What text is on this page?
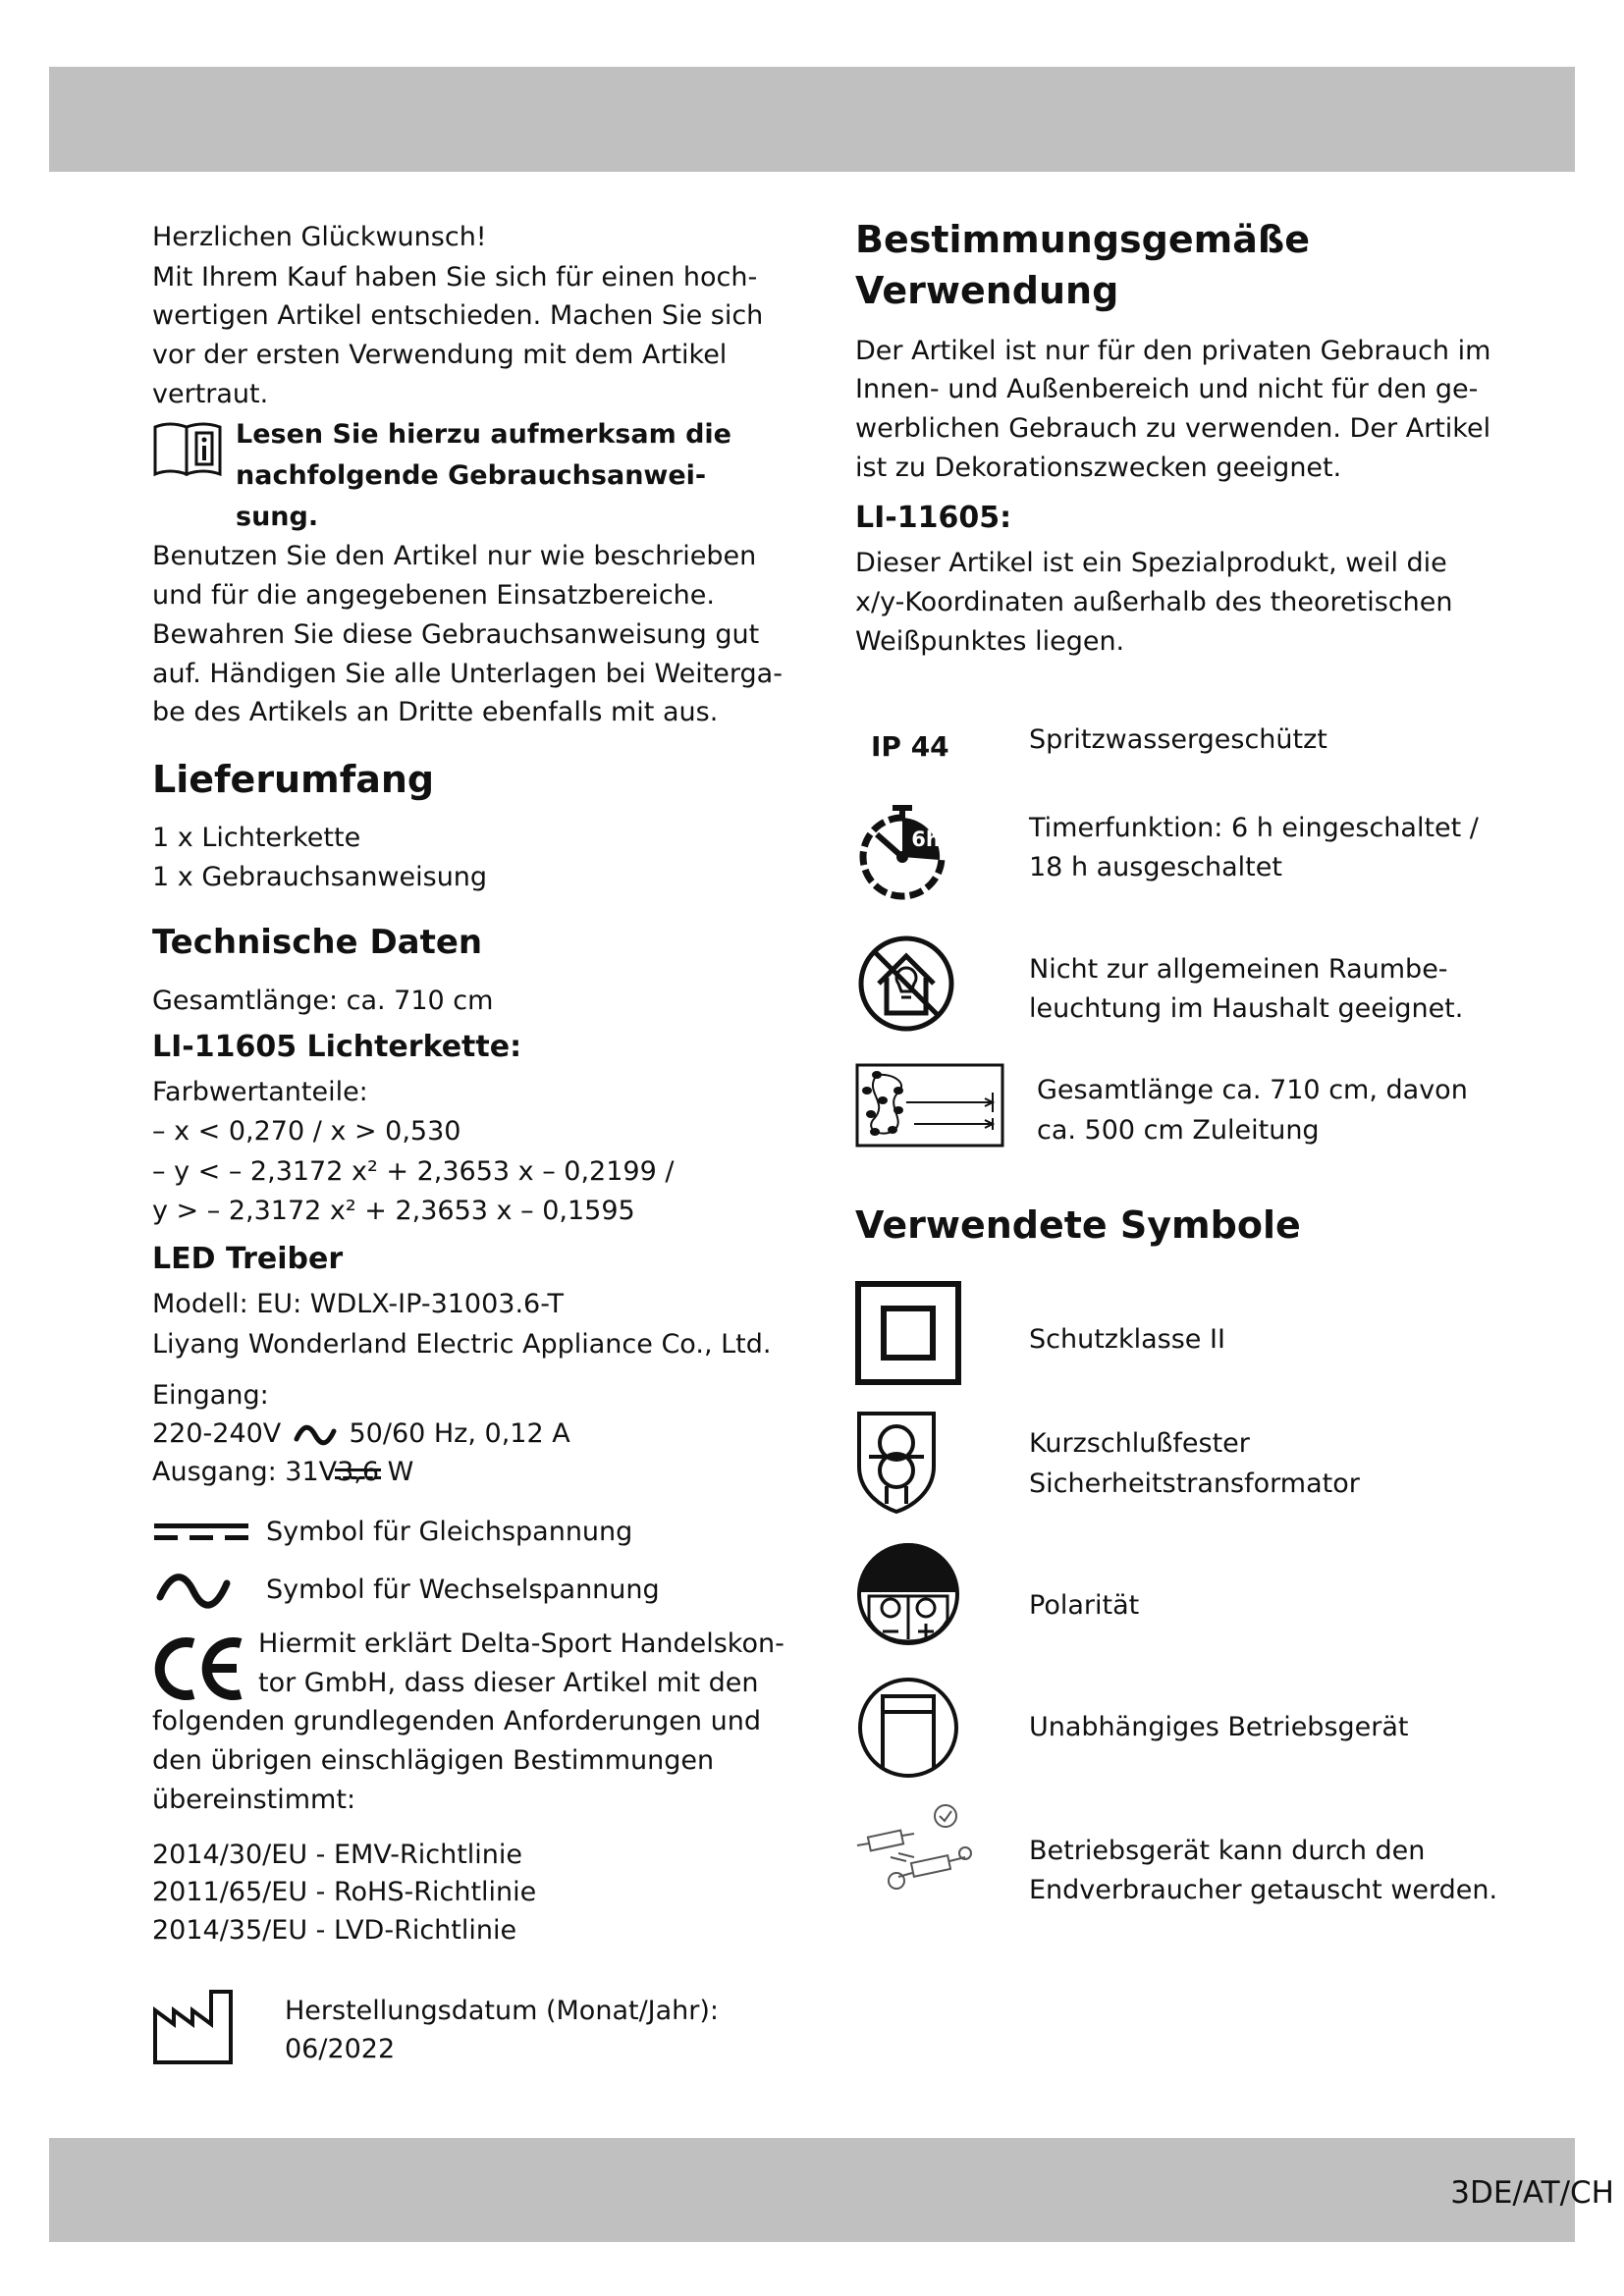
Herzlichen Glückwunsch!
Mit Ihrem Kauf haben Sie sich für einen hoch-
wertigen Artikel entschieden. Machen Sie sich
vor der ersten Verwendung mit dem Artikel
vertraut.
Lesen Sie hierzu aufmerksam die
nachfolgende Gebrauchsanwei-
sung.
Benutzen Sie den Artikel nur wie beschrieben
und für die angegebenen Einsatzbereiche.
Bewahren Sie diese Gebrauchsanweisung gut
auf. Händigen Sie alle Unterlagen bei Weiterga-
be des Artikels an Dritte ebenfalls mit aus.
Lieferumfang
1 x Lichterkette
1 x Gebrauchsanweisung
Technische Daten
Gesamtlänge: ca. 710 cm
LI-11605 Lichterkette:
Farbwertanteile:
– x < 0,270 / x > 0,530
– y < – 2,3172 x² + 2,3653 x – 0,2199 /
y > – 2,3172 x² + 2,3653 x – 0,1595
LED Treiber
Modell: EU: WDLX-IP-31003.6-T
Liyang Wonderland Electric Appliance Co., Ltd.
Eingang:
220-240V	50/60 Hz, 0,12 A
Ausgang: 31V3,6
W
Symbol für Gleichspannung
Symbol für Wechselspannung
Hiermit erklärt Delta-Sport Handelskon-
tor GmbH, dass dieser Artikel mit den
folgenden grundlegenden Anforderungen und
den übrigen einschlägigen Bestimmungen
übereinstimmt:
2014/30/EU - EMV-Richtlinie
2011/65/EU - RoHS-Richtlinie
2014/35/EU - LVD-Richtlinie
Herstellungsdatum (Monat/Jahr):
06/2022
Bestimmungsgemäße
Verwendung
Der Artikel ist nur für den privaten Gebrauch im
Innen- und Außenbereich und nicht für den ge-
werblichen Gebrauch zu verwenden. Der Artikel
ist zu Dekorationszwecken geeignet.
LI-11605:
Dieser Artikel ist ein Spezialprodukt, weil die
x/y-Koordinaten außerhalb des theoretischen
Weißpunktes liegen.
IP 44	Spritzwassergeschützt
6h	Timerfunktion: 6 h eingeschaltet /
18 h ausgeschaltet
Nicht zur allgemeinen Raumbe-
leuchtung im Haushalt geeignet.
Gesamtlänge ca. 710 cm, davon
ca. 500 cm Zuleitung
Verwendete Symbole
Schutzklasse II
Kurzschlußfester
Sicherheitstransformator
Polarität
Unabhängiges Betriebsgerät
Betriebsgerät kann durch den
Endverbraucher getauscht werden.
3DE/AT/CH
